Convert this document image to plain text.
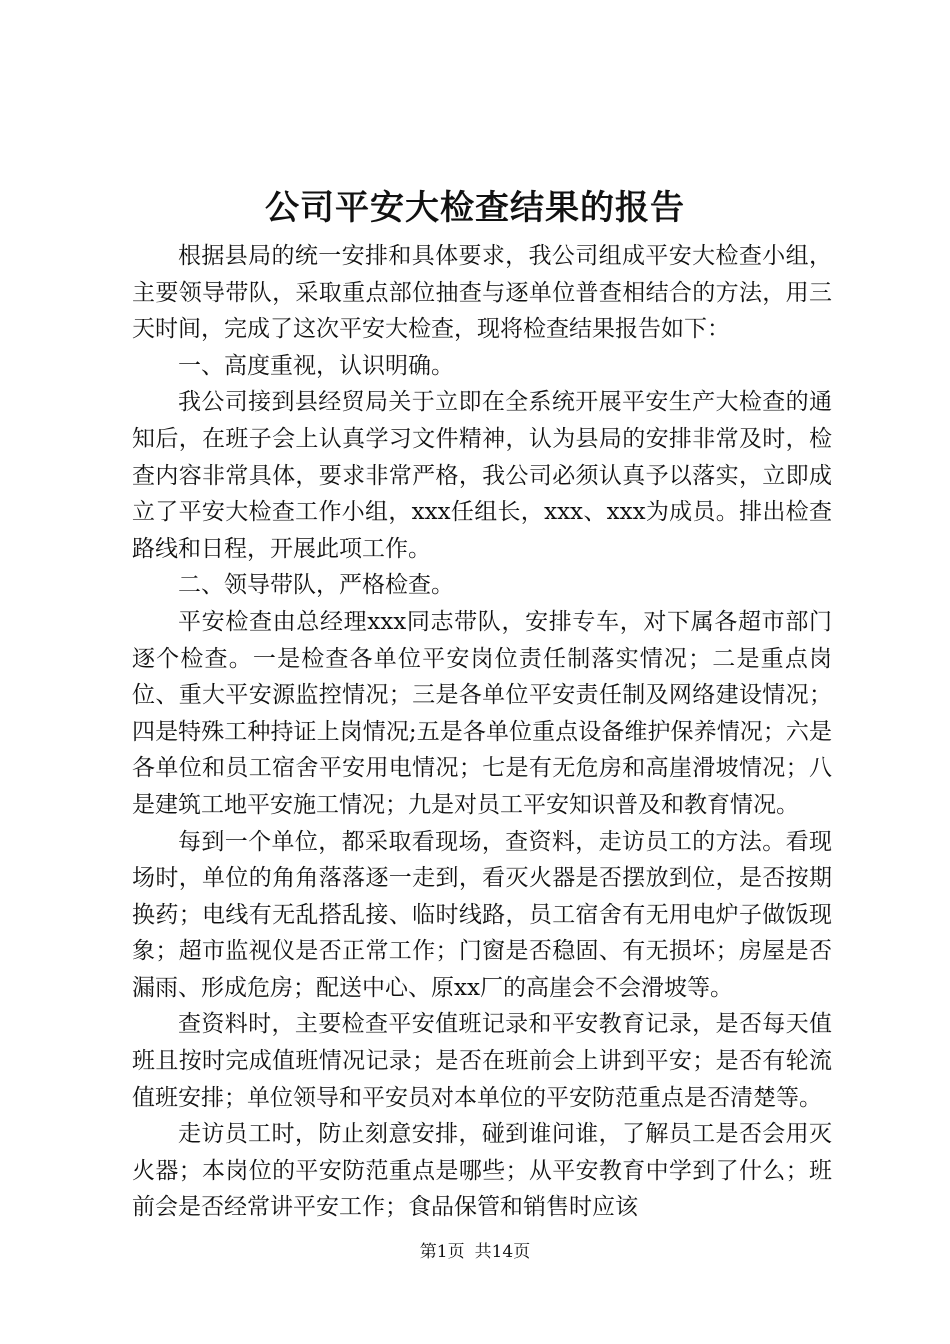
公司平安大检查结果的报告

根据县局的统一安排和具体要求，我公司组成平安大检查小组，主要领导带队，采取重点部位抽查与逐单位普查相结合的方法，用三天时间，完成了这次平安大检查，现将检查结果报告如下：

一、高度重视，认识明确。

我公司接到县经贸局关于立即在全系统开展平安生产大检查的通知后，在班子会上认真学习文件精神，认为县局的安排非常及时，检查内容非常具体，要求非常严格，我公司必须认真予以落实，立即成立了平安大检查工作小组，xxx任组长，xxx、xxx为成员。排出检查路线和日程，开展此项工作。

二、领导带队，严格检查。

平安检查由总经理xxx同志带队，安排专车，对下属各超市部门逐个检查。一是检查各单位平安岗位责任制落实情况；二是重点岗位、重大平安源监控情况；三是各单位平安责任制及网络建设情况；四是特殊工种持证上岗情况;五是各单位重点设备维护保养情况；六是各单位和员工宿舍平安用电情况；七是有无危房和高崖滑坡情况；八是建筑工地平安施工情况；九是对员工平安知识普及和教育情况。

每到一个单位，都采取看现场，查资料，走访员工的方法。看现场时，单位的角角落落逐一走到，看灭火器是否摆放到位，是否按期换药；电线有无乱搭乱接、临时线路，员工宿舍有无用电炉子做饭现象；超市监视仪是否正常工作；门窗是否稳固、有无损坏；房屋是否漏雨、形成危房；配送中心、原xx厂的高崖会不会滑坡等。

查资料时，主要检查平安值班记录和平安教育记录，是否每天值班且按时完成值班情况记录；是否在班前会上讲到平安；是否有轮流值班安排；单位领导和平安员对本单位的平安防范重点是否清楚等。

走访员工时，防止刻意安排，碰到谁问谁，了解员工是否会用灭火器；本岗位的平安防范重点是哪些；从平安教育中学到了什么；班前会是否经常讲平安工作；食品保管和销售时应该

第1页 共14页
